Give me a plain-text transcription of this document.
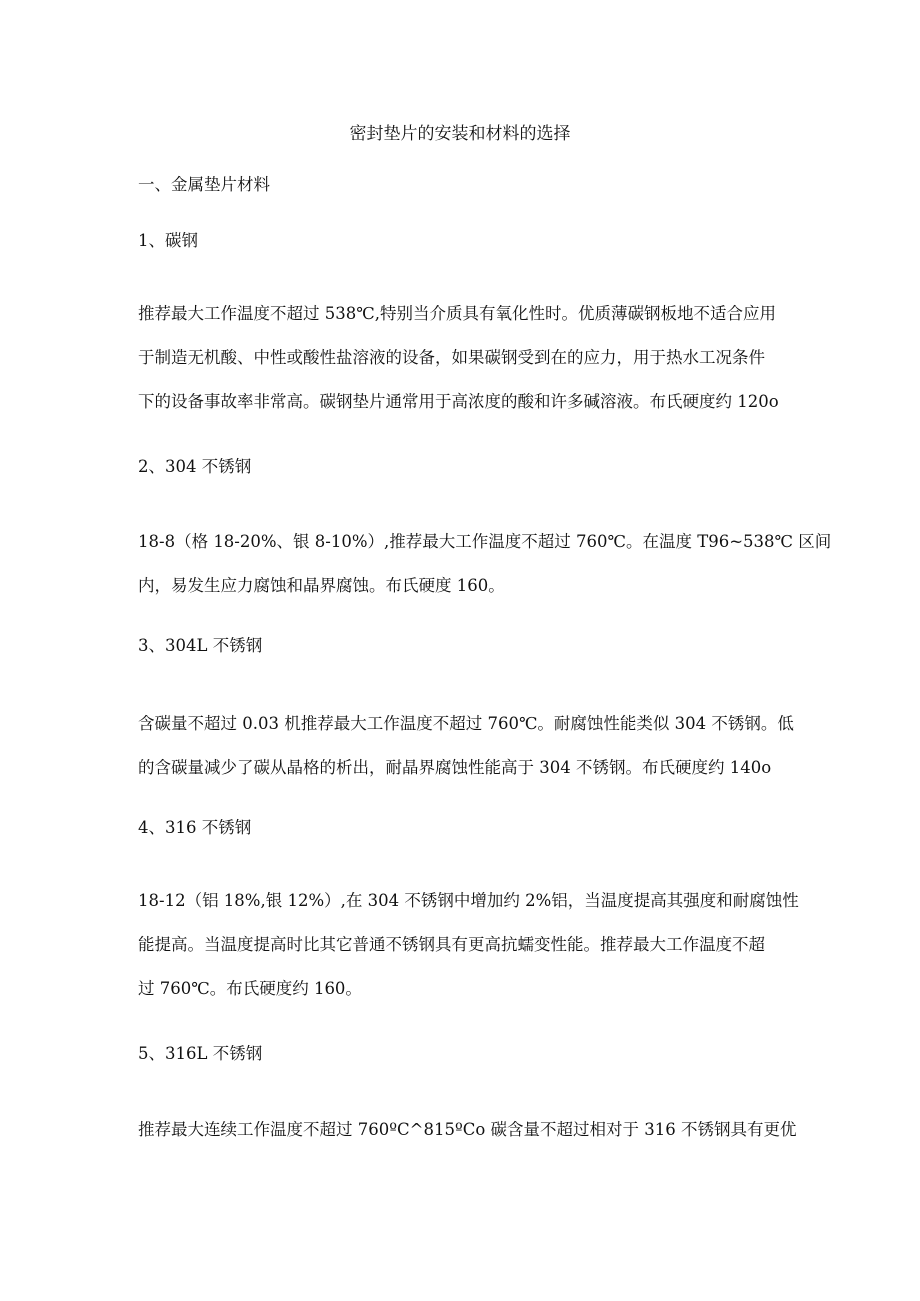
密封垫片的安装和材料的选择
一、金属垫片材料
1、碳钢
推荐最大工作温度不超过 538℃,特别当介质具有氧化性时。优质薄碳钢板地不适合应用
于制造无机酸、中性或酸性盐溶液的设备，如果碳钢受到在的应力，用于热水工况条件
下的设备事故率非常高。碳钢垫片通常用于高浓度的酸和许多碱溶液。布氏硬度约 120o
2、304 不锈钢
18-8（格 18-20%、银 8-10%）,推荐最大工作温度不超过 760℃。在温度 T96~538℃ 区间
内，易发生应力腐蚀和晶界腐蚀。布氏硬度 160。
3、304L 不锈钢
含碳量不超过 0.03 机推荐最大工作温度不超过 760℃。耐腐蚀性能类似 304 不锈钢。低
的含碳量减少了碳从晶格的析出，耐晶界腐蚀性能高于 304 不锈钢。布氏硬度约 140o
4、316 不锈钢
18-12（铝 18%,银 12%）,在 304 不锈钢中增加约 2%铝，当温度提高其强度和耐腐蚀性
能提高。当温度提高时比其它普通不锈钢具有更高抗蠕变性能。推荐最大工作温度不超
过 760℃。布氏硬度约 160。
5、316L 不锈钢
推荐最大连续工作温度不超过 760ºC^815ºCo 碳含量不超过相对于 316 不锈钢具有更优
